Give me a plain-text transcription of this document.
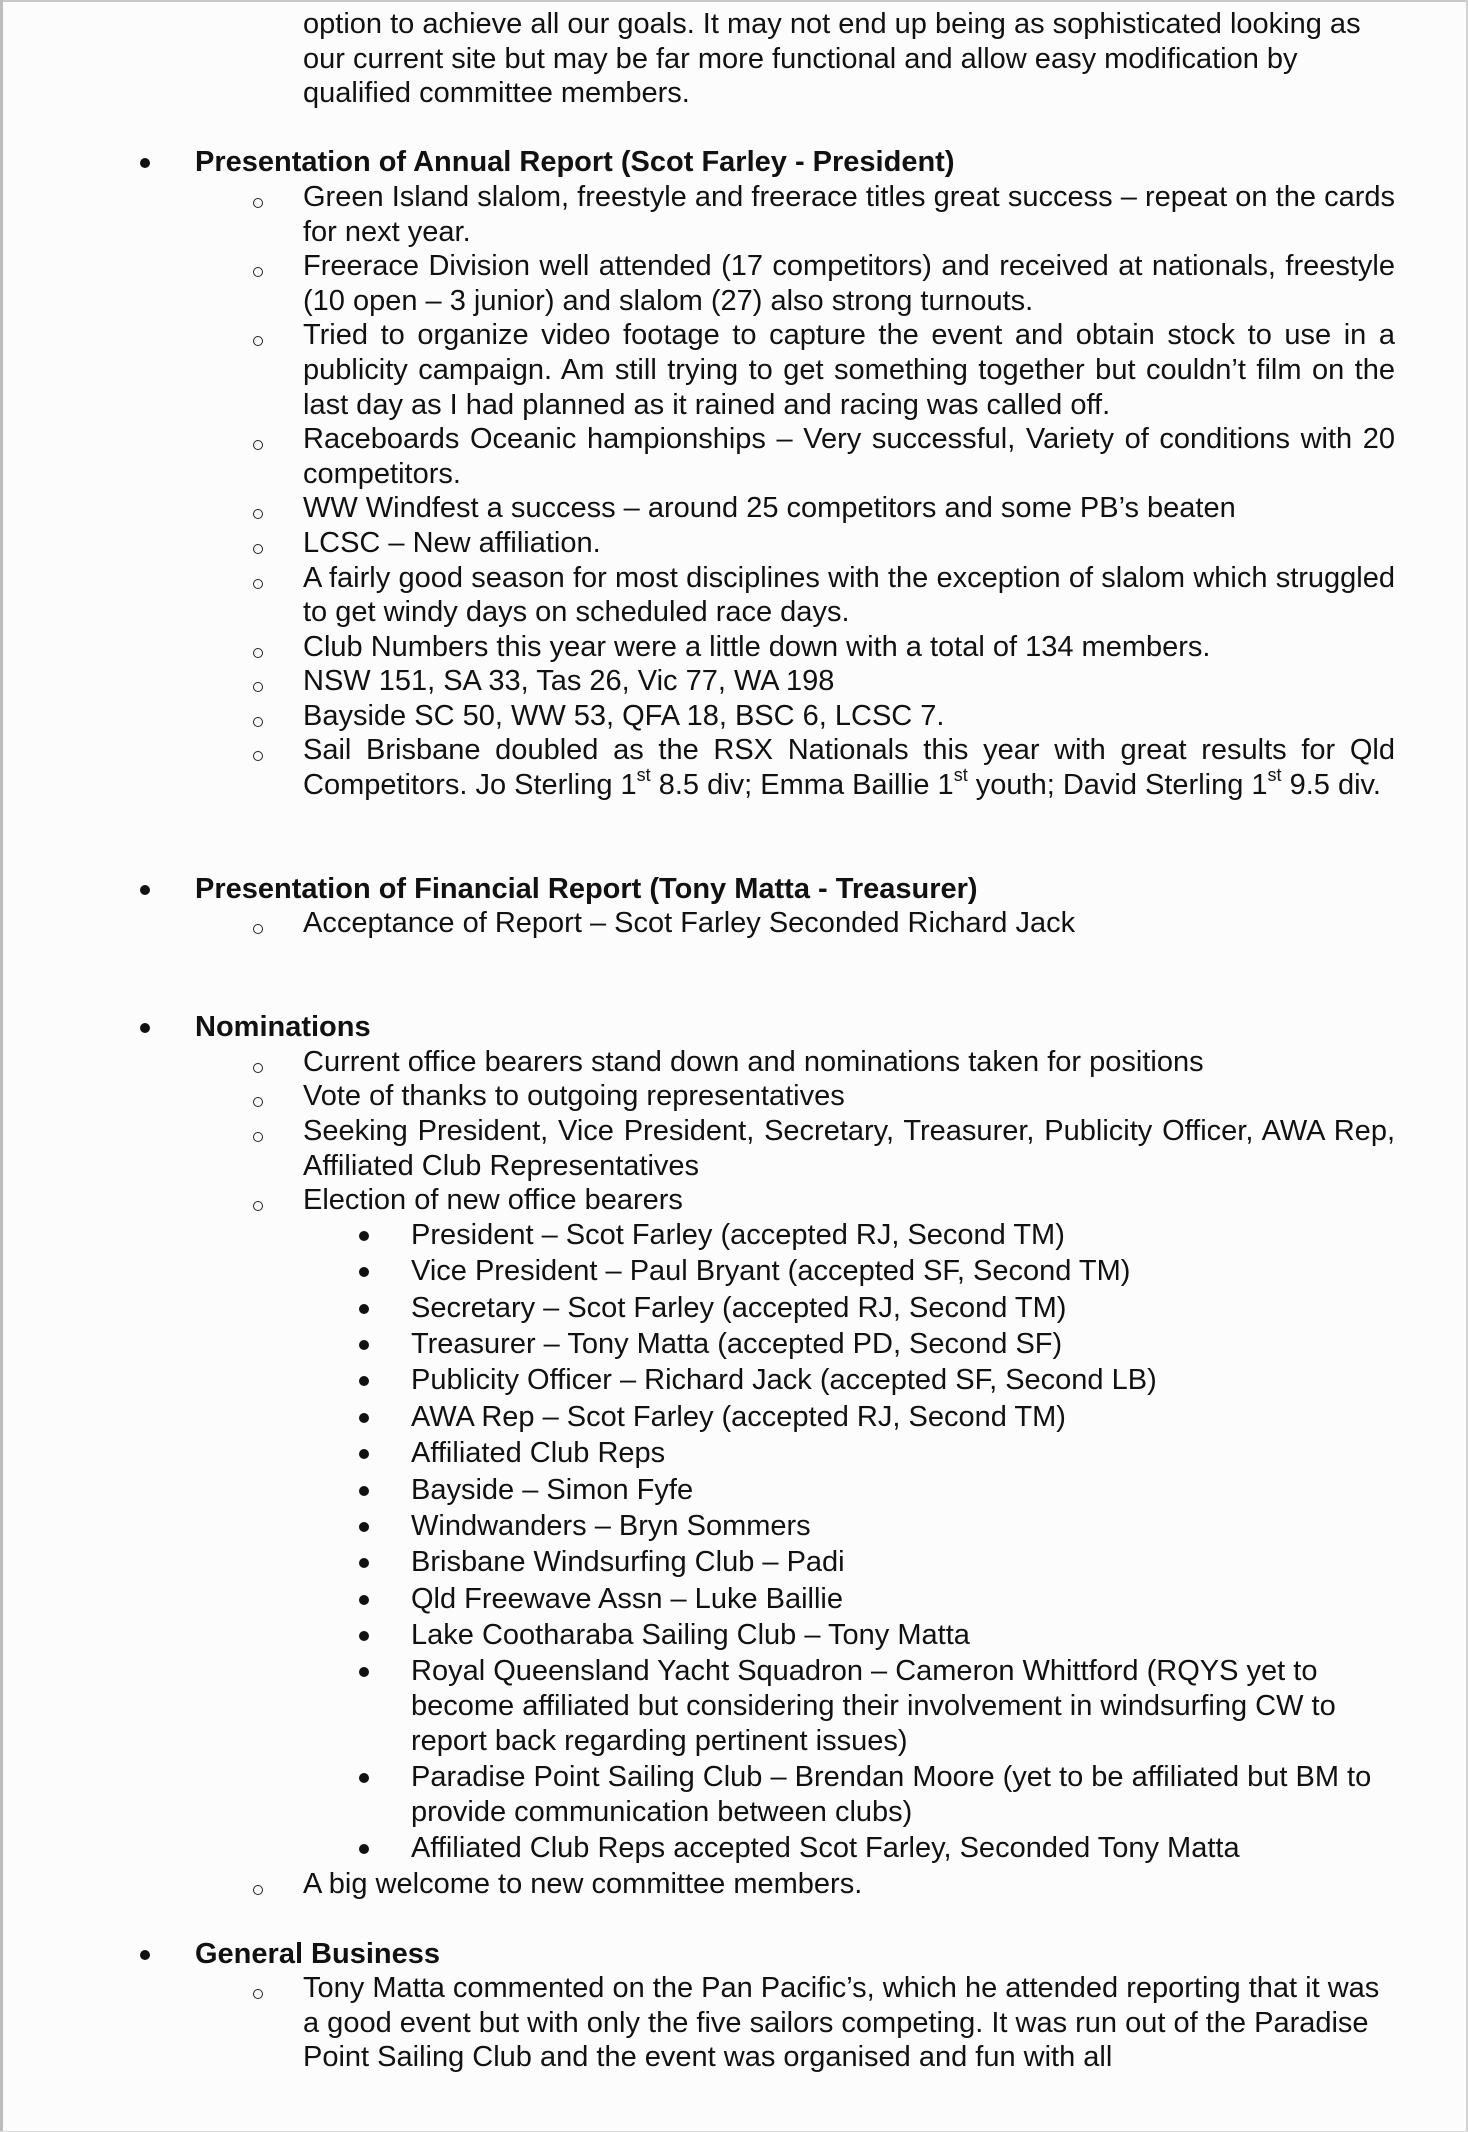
option to achieve all our goals. It may not end up being as sophisticated looking as our current site but may be far more functional and allow easy modification by qualified committee members.

Presentation of Annual Report (Scot Farley - President)
Green Island slalom, freestyle and freerace titles great success – repeat on the cards for next year.
Freerace Division well attended (17 competitors) and received at nationals, freestyle (10 open – 3 junior) and slalom (27) also strong turnouts.
Tried to organize video footage to capture the event and obtain stock to use in a publicity campaign. Am still trying to get something together but couldn’t film on the last day as I had planned as it rained and racing was called off.
Raceboards Oceanic hampionships – Very successful, Variety of conditions with 20 competitors.
WW Windfest a success – around 25 competitors and some PB’s beaten
LCSC – New affiliation.
A fairly good season for most disciplines with the exception of slalom which struggled to get windy days on scheduled race days.
Club Numbers this year were a little down with a total of 134 members.
NSW 151, SA 33, Tas 26, Vic 77, WA 198
Bayside SC 50, WW 53, QFA 18, BSC 6, LCSC 7.
Sail Brisbane doubled as the RSX Nationals this year with great results for Qld Competitors. Jo Sterling 1st 8.5 div; Emma Baillie 1st youth; David Sterling 1st 9.5 div.
Presentation of Financial Report (Tony Matta - Treasurer)
Acceptance of Report – Scot Farley Seconded Richard Jack
Nominations
Current office bearers stand down and nominations taken for positions
Vote of thanks to outgoing representatives
Seeking President, Vice President, Secretary, Treasurer, Publicity Officer, AWA Rep, Affiliated Club Representatives
Election of new office bearers
President – Scot Farley (accepted RJ, Second TM)
Vice President – Paul Bryant (accepted SF, Second TM)
Secretary – Scot Farley (accepted RJ, Second TM)
Treasurer – Tony Matta (accepted PD, Second SF)
Publicity Officer – Richard Jack (accepted SF, Second LB)
AWA Rep – Scot Farley (accepted RJ, Second TM)
Affiliated Club Reps
Bayside – Simon Fyfe
Windwanders – Bryn Sommers
Brisbane Windsurfing Club – Padi
Qld Freewave Assn – Luke Baillie
Lake Cootharaba Sailing Club – Tony Matta
Royal Queensland Yacht Squadron – Cameron Whittford (RQYS yet to become affiliated but considering their involvement in windsurfing CW to report back regarding pertinent issues)
Paradise Point Sailing Club – Brendan Moore (yet to be affiliated but BM to provide communication between clubs)
Affiliated Club Reps accepted Scot Farley, Seconded Tony Matta
A big welcome to new committee members.
General Business
Tony Matta commented on the Pan Pacific’s, which he attended reporting that it was a good event but with only the five sailors competing. It was run out of the Paradise Point Sailing Club and the event was organised and fun with all
